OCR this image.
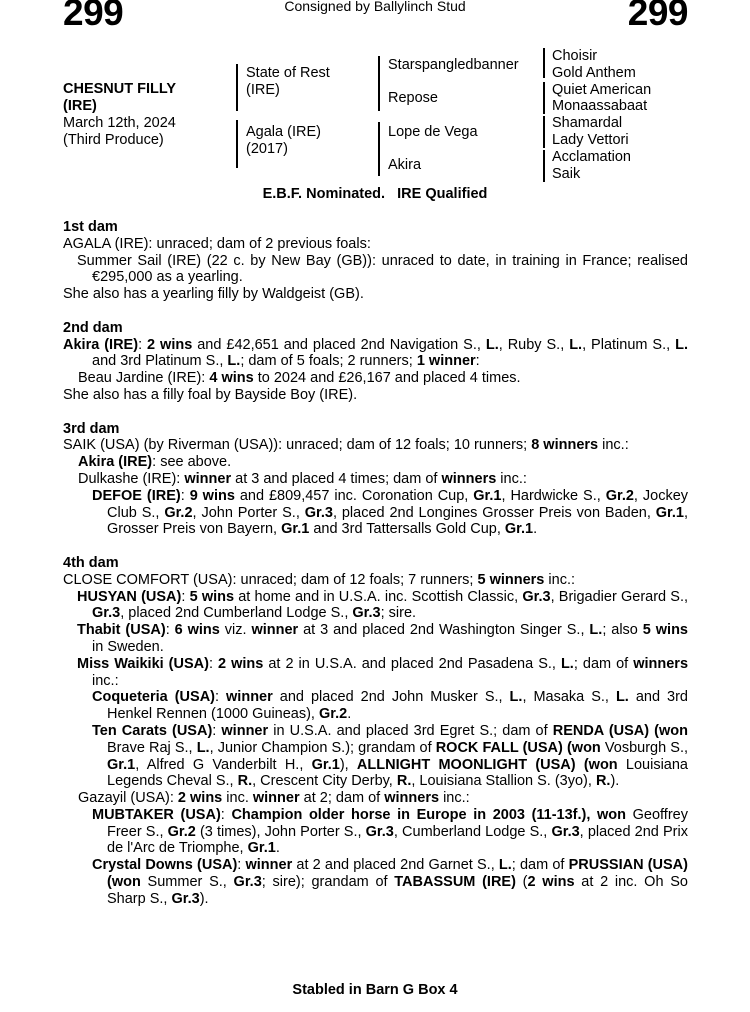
299	Consigned by Ballylinch Stud	299
CHESNUT FILLY
(IRE)
March 12th, 2024
(Third Produce)
State of Rest
(IRE)
Agala (IRE)
(2017)
Starspangledbanner
Repose
Lope de Vega
Akira
Choisir
Gold Anthem
Quiet American
Monaassabaat
Shamardal
Lady Vettori
Acclamation
Saik
E.B.F. Nominated.   IRE Qualified

1st dam

AGALA (IRE): unraced; dam of 2 previous foals:

Summer Sail (IRE) (22 c. by New Bay (GB)): unraced to date, in training in France; realised €295,000 as a yearling.

She also has a yearling filly by Waldgeist (GB).

2nd dam

Akira (IRE): 2 wins and £42,651 and placed 2nd Navigation S., L., Ruby S., L., Platinum S., L. and 3rd Platinum S., L.; dam of 5 foals; 2 runners; 1 winner:

Beau Jardine (IRE): 4 wins to 2024 and £26,167 and placed 4 times.

She also has a filly foal by Bayside Boy (IRE).

3rd dam

SAIK (USA) (by Riverman (USA)): unraced; dam of 12 foals; 10 runners; 8 winners inc.:

Akira (IRE): see above.

Dulkashe (IRE): winner at 3 and placed 4 times; dam of winners inc.:

DEFOE (IRE): 9 wins and £809,457 inc. Coronation Cup, Gr.1, Hardwicke S., Gr.2, Jockey Club S., Gr.2, John Porter S., Gr.3, placed 2nd Longines Grosser Preis von Baden, Gr.1, Grosser Preis von Bayern, Gr.1 and 3rd Tattersalls Gold Cup, Gr.1.

4th dam

CLOSE COMFORT (USA): unraced; dam of 12 foals; 7 runners; 5 winners inc.:

HUSYAN (USA): 5 wins at home and in U.S.A. inc. Scottish Classic, Gr.3, Brigadier Gerard S., Gr.3, placed 2nd Cumberland Lodge S., Gr.3; sire.

Thabit (USA): 6 wins viz. winner at 3 and placed 2nd Washington Singer S., L.; also 5 wins in Sweden.

Miss Waikiki (USA): 2 wins at 2 in U.S.A. and placed 2nd Pasadena S., L.; dam of winners inc.:

Coqueteria (USA): winner and placed 2nd John Musker S., L., Masaka S., L. and 3rd Henkel Rennen (1000 Guineas), Gr.2.

Ten Carats (USA): winner in U.S.A. and placed 3rd Egret S.; dam of RENDA (USA) (won Brave Raj S., L., Junior Champion S.); grandam of ROCK FALL (USA) (won Vosburgh S., Gr.1, Alfred G Vanderbilt H., Gr.1), ALLNIGHT MOONLIGHT (USA) (won Louisiana Legends Cheval S., R., Crescent City Derby, R., Louisiana Stallion S. (3yo), R.).

Gazayil (USA): 2 wins inc. winner at 2; dam of winners inc.:

MUBTAKER (USA): Champion older horse in Europe in 2003 (11-13f.), won Geoffrey Freer S., Gr.2 (3 times), John Porter S., Gr.3, Cumberland Lodge S., Gr.3, placed 2nd Prix de l'Arc de Triomphe, Gr.1.

Crystal Downs (USA): winner at 2 and placed 2nd Garnet S., L.; dam of PRUSSIAN (USA) (won Summer S., Gr.3; sire); grandam of TABASSUM (IRE) (2 wins at 2 inc. Oh So Sharp S., Gr.3).

Stabled in Barn G Box 4
